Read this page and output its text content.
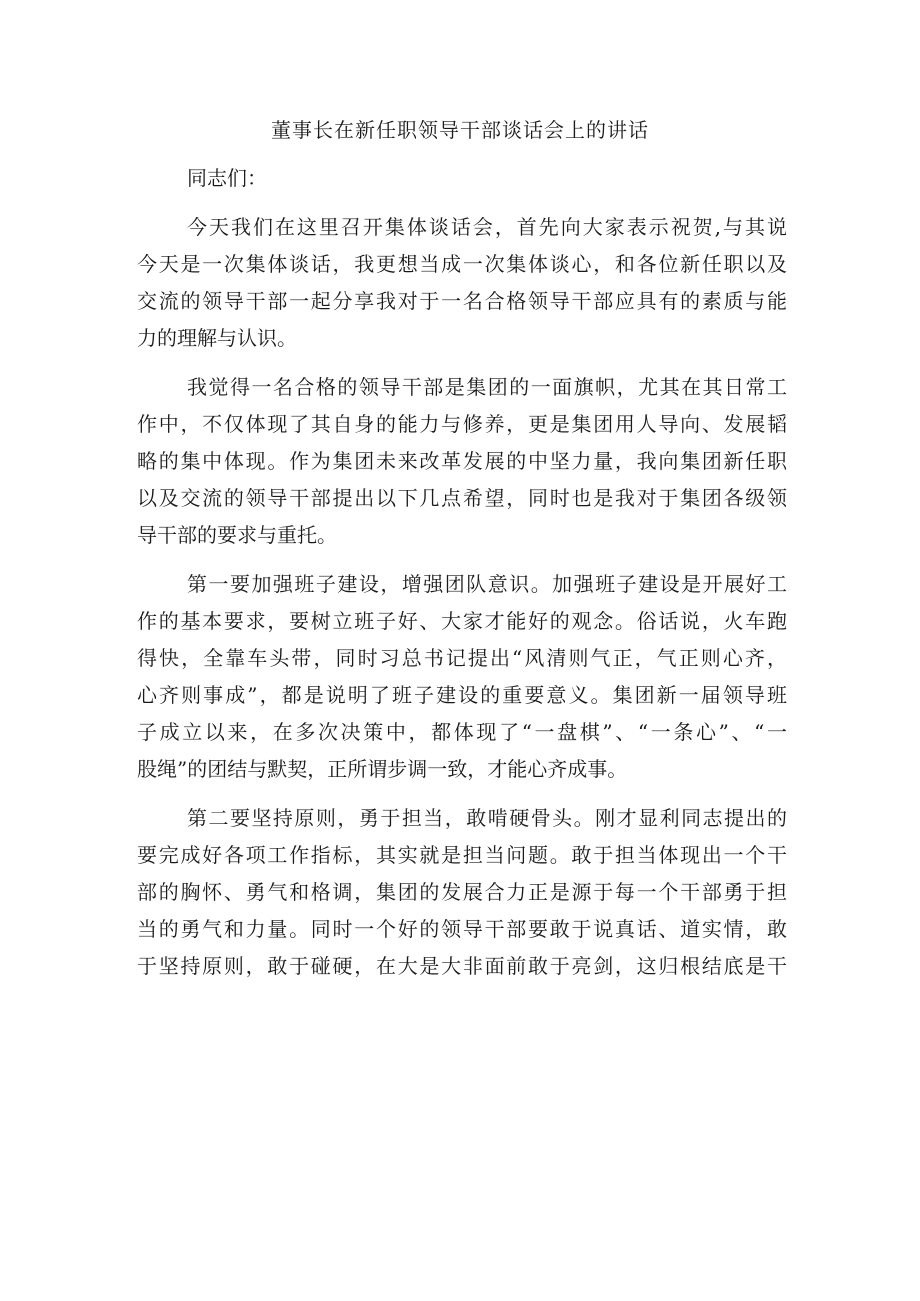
董事长在新任职领导干部谈话会上的讲话
同志们：
今天我们在这里召开集体谈话会，首先向大家表示祝贺,与其说
今天是一次集体谈话，我更想当成一次集体谈心，和各位新任职以及
交流的领导干部一起分享我对于一名合格领导干部应具有的素质与能
力的理解与认识。
我觉得一名合格的领导干部是集团的一面旗帜，尤其在其日常工
作中，不仅体现了其自身的能力与修养，更是集团用人导向、发展韬
略的集中体现。作为集团未来改革发展的中坚力量，我向集团新任职
以及交流的领导干部提出以下几点希望，同时也是我对于集团各级领
导干部的要求与重托。
第一要加强班子建设，增强团队意识。加强班子建设是开展好工
作的基本要求，要树立班子好、大家才能好的观念。俗话说，火车跑
得快，全靠车头带，同时习总书记提出“风清则气正，气正则心齐，
心齐则事成”，都是说明了班子建设的重要意义。集团新一届领导班
子成立以来，在多次决策中，都体现了“一盘棋”、“一条心”、“一
股绳”的团结与默契，正所谓步调一致，才能心齐成事。
第二要坚持原则，勇于担当，敢啃硬骨头。刚才显利同志提出的
要完成好各项工作指标，其实就是担当问题。敢于担当体现出一个干
部的胸怀、勇气和格调，集团的发展合力正是源于每一个干部勇于担
当的勇气和力量。同时一个好的领导干部要敢于说真话、道实情，敢
于坚持原则，敢于碰硬，在大是大非面前敢于亮剑，这归根结底是干
